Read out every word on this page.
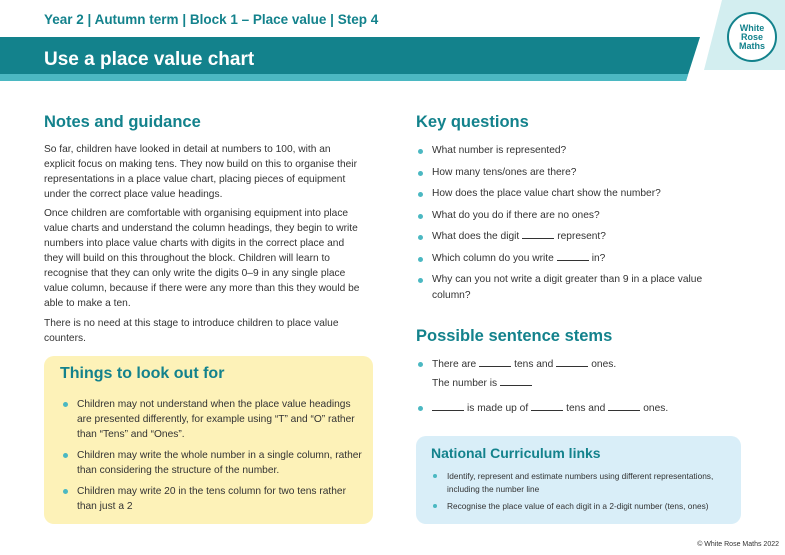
Year 2 | Autumn term | Block 1 – Place value | Step 4
Use a place value chart
White
Rose
Maths
Notes and guidance

So far, children have looked in detail at numbers to 100, with an explicit focus on making tens. They now build on this to organise their representations in a place value chart, placing pieces of equipment under the correct place value headings.

Once children are comfortable with organising equipment into place value charts and understand the column headings, they begin to write numbers into place value charts with digits in the correct place and they will build on this throughout the block. Children will learn to recognise that they can only write the digits 0–9 in any single place value column, because if there were any more than this they would be able to make a ten.

There is no need at this stage to introduce children to place value counters.

Things to look out for
Children may not understand when the place value headings are presented differently, for example using “T” and “O” rather than “Tens” and “Ones”.
Children may write the whole number in a single column, rather than considering the structure of the number.
Children may write 20 in the tens column for two tens rather than just a 2
Key questions
What number is represented?
How many tens/ones are there?
How does the place value chart show the number?
What do you do if there are no ones?
What does the digit	represent?
Which column do you write	in?
Why can you not write a digit greater than 9 in a place value column?
Possible sentence stems
There are	tens and	ones.
The number is
is made up of	tens and	ones.
National Curriculum links
Identify, represent and estimate numbers using different representations, including the number line
Recognise the place value of each digit in a 2-digit number (tens, ones)
© White Rose Maths 2022
